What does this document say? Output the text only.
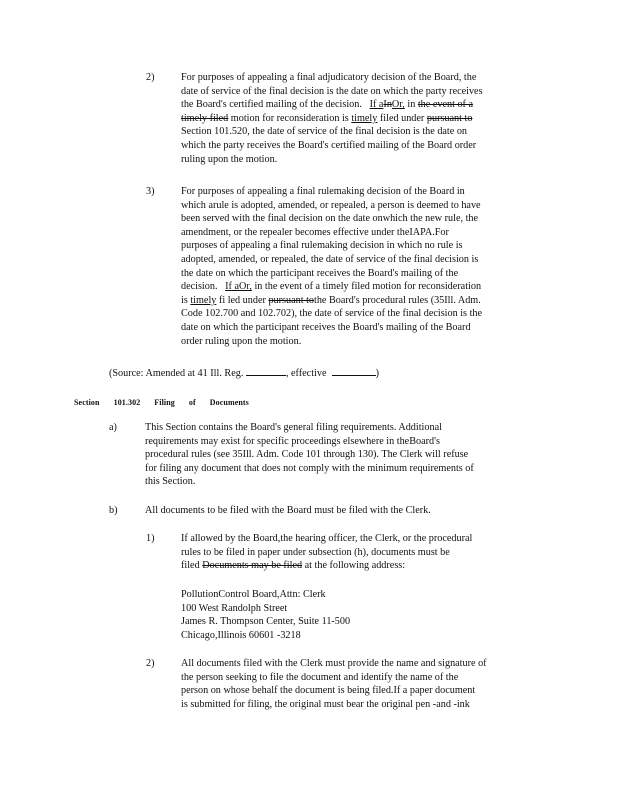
2)	For purposes of appealing a final adjudicatory decision of the Board, the
date of service of the final decision is the date on which the party receives
the Board's certified mailing of the decision. If aInOr, in the event of a
timely filed motion for reconsideration is timely filed under pursuant to
Section 101.520, the date of service of the final decision is the date on
which the party receives the Board's certified mailing of the Board order
ruling upon the motion.
3)	For purposes of appealing a final rulemaking decision of the Board in
which arule is adopted, amended, or repealed, a person is deemed to have
been served with the final decision on the date onwhich the new rule, the
amendment, or the repealer becomes effective under theIAPA.For
purposes of appealing a final rulemaking decision in which no rule is
adopted, amended, or repealed, the date of service of the final decision is
the date on which the participant receives the Board's mailing of the
decision. If aOr, in the event of a timely filed motion for reconsideration
is timely fi led under pursuant tothe Board's procedural rules (35Ill. Adm.
Code 102.700 and 102.702), the date of service of the final decision is the
date on which the participant receives the Board's mailing of the Board
order ruling upon the motion.
(Source: Amended at 41 Ill. Reg.	, effective	)
Section 101.302 Filing of Documents
a)	This Section contains the Board's general filing requirements. Additional
requirements may exist for specific proceedings elsewhere in theBoard's
procedural rules (see 35Ill. Adm. Code 101 through 130). The Clerk will refuse
for filing any document that does not comply with the minimum requirements of
this Section.
b)	All documents to be filed with the Board must be filed with the Clerk.
1)	If allowed by the Board,the hearing officer, the Clerk, or the procedural
rules to be filed in paper under subsection (h), documents must be
filed Documents may be filed at the following address:
PollutionControl Board,Attn: Clerk
100 West Randolph Street
James R. Thompson Center, Suite 11-500
Chicago,Illinois 60601 -3218
2)	All documents filed with the Clerk must provide the name and signature of
the person seeking to file the document and identify the name of the
person on whose behalf the document is being filed.If a paper document
is submitted for filing, the original must bear the original pen -and -ink
